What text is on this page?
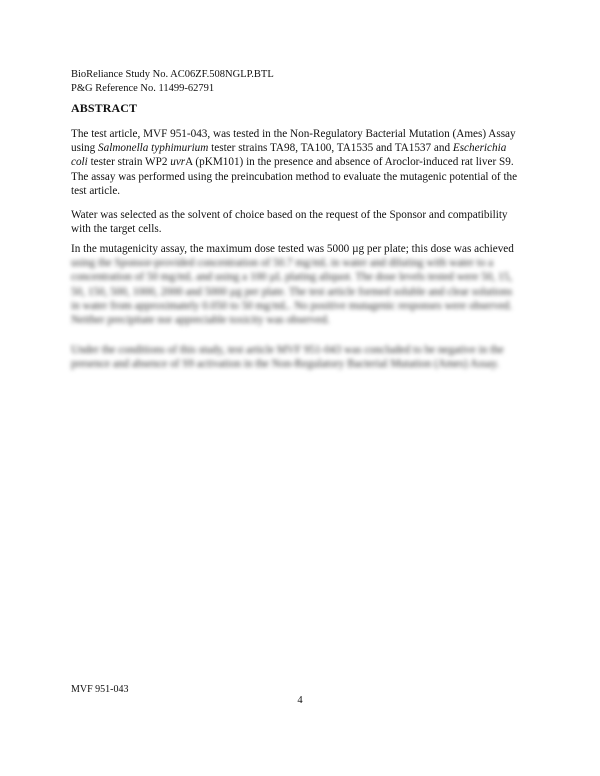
BioReliance Study No. AC06ZF.508NGLP.BTL
P&G Reference No. 11499-62791
ABSTRACT
The test article, MVF 951-043, was tested in the Non-Regulatory Bacterial Mutation (Ames) Assay
using Salmonella typhimurium tester strains TA98, TA100, TA1535 and TA1537 and Escherichia
coli tester strain WP2 uvrA (pKM101) in the presence and absence of Aroclor-induced rat liver S9.
The assay was performed using the preincubation method to evaluate the mutagenic potential of the
test article.
Water was selected as the solvent of choice based on the request of the Sponsor and compatibility
with the target cells.
In the mutagenicity assay, the maximum dose tested was 5000 µg per plate; this dose was achieved
using the Sponsor-provided concentration of 50.7 mg/mL in water and diluting with water to a
concentration of 50 mg/mL and using a 100 µL plating aliquot. The dose levels tested were 50, 15,
50, 150, 500, 1000, 2000 and 5000 µg per plate. The test article formed soluble and clear solutions
in water from approximately 0.050 to 50 mg/mL. No positive mutagenic responses were observed.
Neither precipitate nor appreciable toxicity was observed.
Under the conditions of this study, test article MVF 951-043 was concluded to be negative in the
presence and absence of S9 activation in the Non-Regulatory Bacterial Mutation (Ames) Assay.
MVF 951-043
4
